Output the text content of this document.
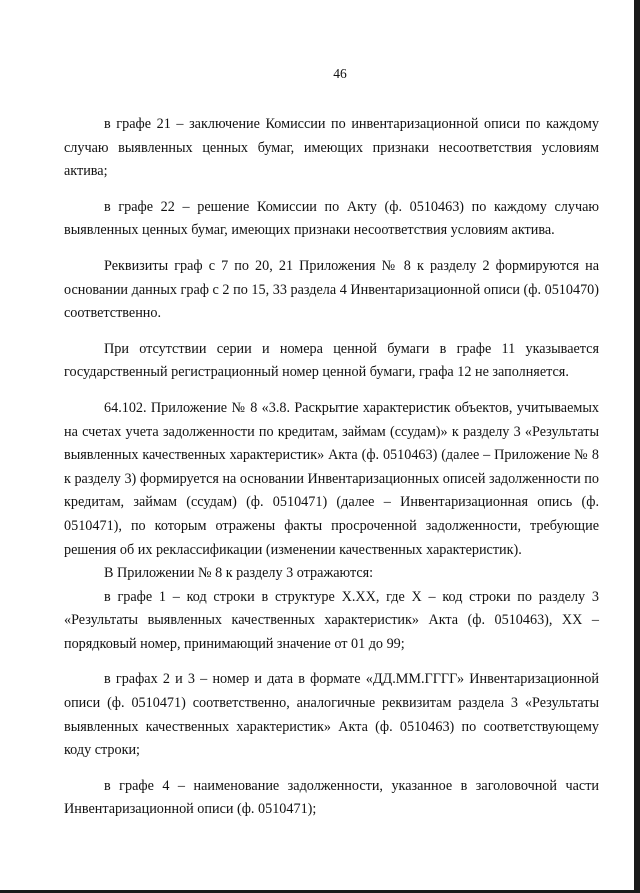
46

в графе 21 – заключение Комиссии по инвентаризационной описи по каждому случаю выявленных ценных бумаг, имеющих признаки несоответствия условиям актива;

в графе 22 – решение Комиссии по Акту (ф. 0510463) по каждому случаю выявленных ценных бумаг, имеющих признаки несоответствия условиям актива.

Реквизиты граф с 7 по 20, 21 Приложения № 8 к разделу 2 формируются на основании данных граф с 2 по 15, 33 раздела 4 Инвентаризационной описи (ф. 0510470) соответственно.

При отсутствии серии и номера ценной бумаги в графе 11 указывается государственный регистрационный номер ценной бумаги, графа 12 не заполняется.

64.102. Приложение № 8 «3.8. Раскрытие характеристик объектов, учитываемых на счетах учета задолженности по кредитам, займам (ссудам)» к разделу 3 «Результаты выявленных качественных характеристик» Акта (ф. 0510463) (далее – Приложение № 8 к разделу 3) формируется на основании Инвентаризационных описей задолженности по кредитам, займам (ссудам) (ф. 0510471) (далее – Инвентаризационная опись (ф. 0510471), по которым отражены факты просроченной задолженности, требующие решения об их реклассификации (изменении качественных характеристик).

В Приложении № 8 к разделу 3 отражаются:

в графе 1 – код строки в структуре Х.ХХ, где Х – код строки по разделу 3 «Результаты выявленных качественных характеристик» Акта (ф. 0510463), ХХ – порядковый номер, принимающий значение от 01 до 99;

в графах 2 и 3 – номер и дата в формате «ДД.ММ.ГГГГ» Инвентаризационной описи (ф. 0510471) соответственно, аналогичные реквизитам раздела 3 «Результаты выявленных качественных характеристик» Акта (ф. 0510463) по соответствующему коду строки;

в графе 4 – наименование задолженности, указанное в заголовочной части Инвентаризационной описи (ф. 0510471);
